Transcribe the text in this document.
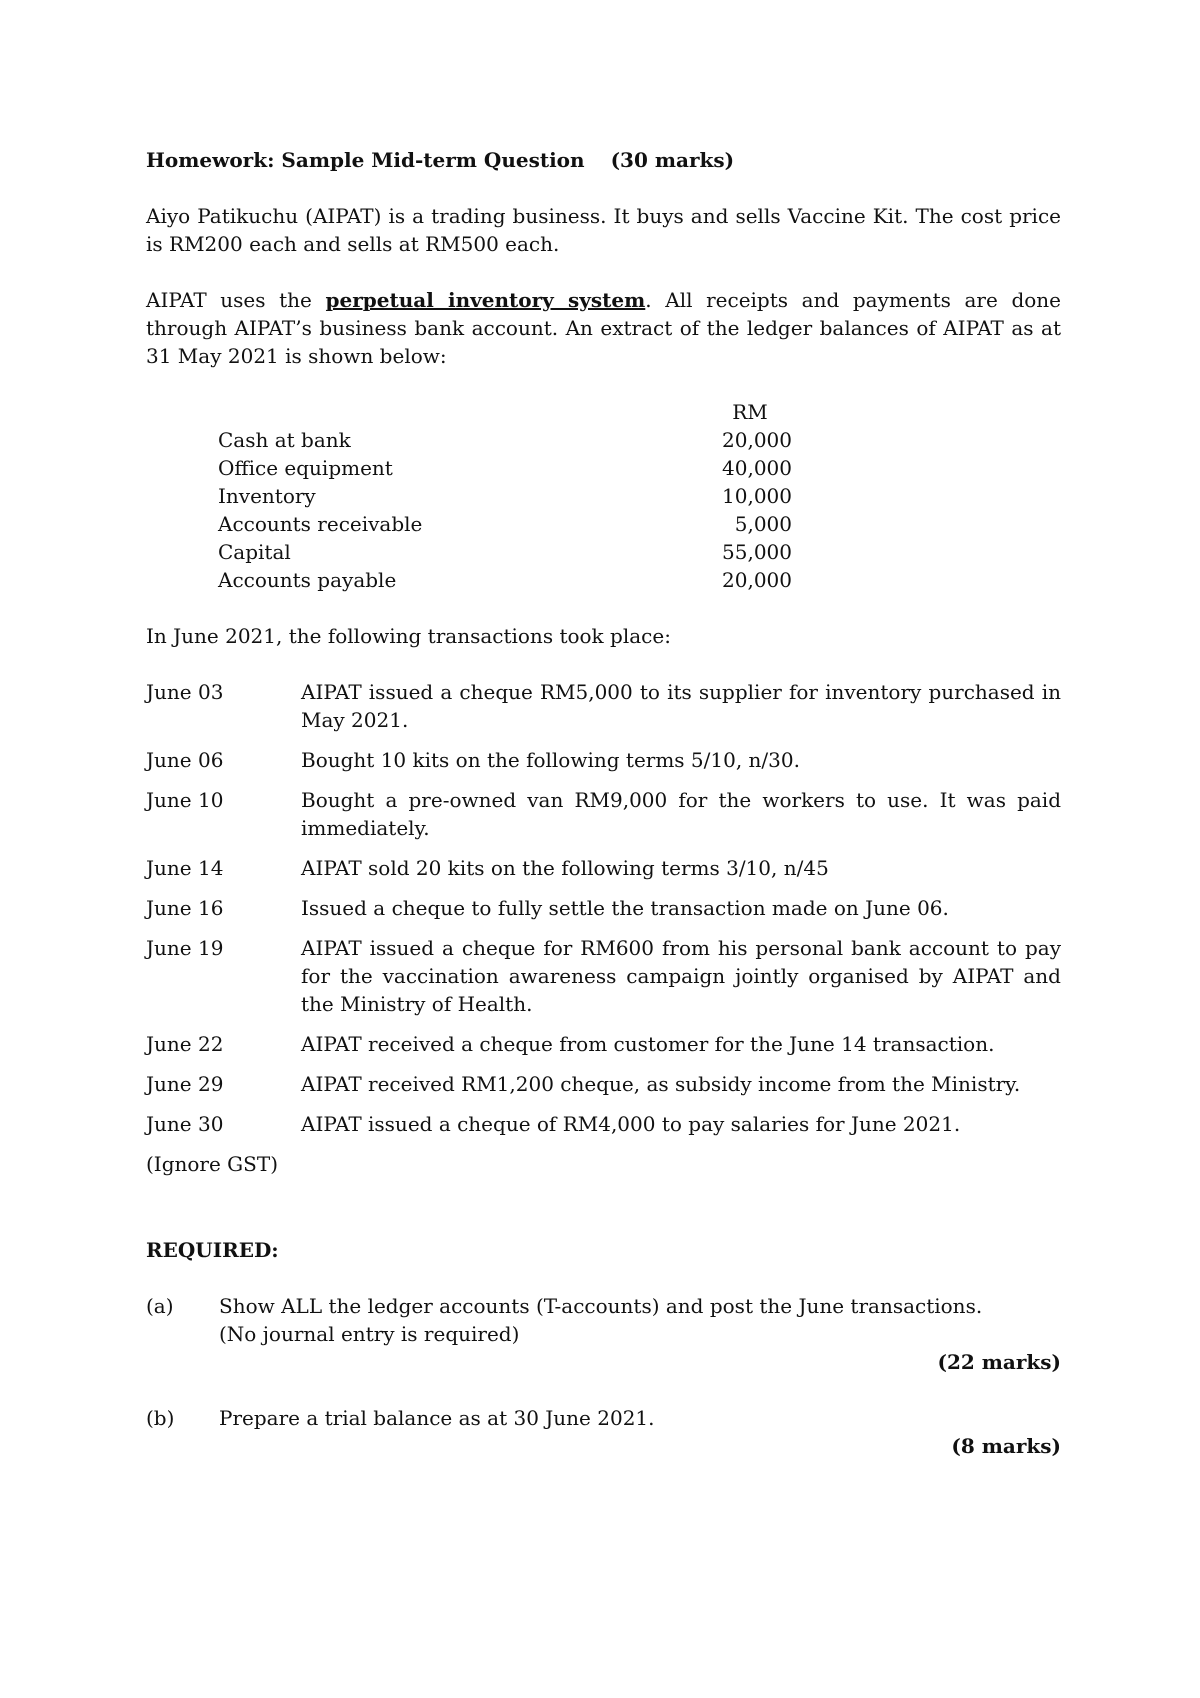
Homework: Sample Mid-term Question (30 marks)

Aiyo Patikuchu (AIPAT) is a trading business. It buys and sells Vaccine Kit. The cost price is RM200 each and sells at RM500 each.

AIPAT uses the perpetual inventory system. All receipts and payments are done through AIPAT’s business bank account. An extract of the ledger balances of AIPAT as at 31 May 2021 is shown below:

RM
Cash at bank	20,000
Office equipment	40,000
Inventory	10,000
Accounts receivable	5,000
Capital	55,000
Accounts payable	20,000
In June 2021, the following transactions took place:
June 03	AIPAT issued a cheque RM5,000 to its supplier for inventory purchased in May 2021.
June 06	Bought 10 kits on the following terms 5/10, n/30.
June 10	Bought a pre-owned van RM9,000 for the workers to use. It was paid immediately.
June 14	AIPAT sold 20 kits on the following terms 3/10, n/45
June 16	Issued a cheque to fully settle the transaction made on June 06.
June 19	AIPAT issued a cheque for RM600 from his personal bank account to pay for the vaccination awareness campaign jointly organised by AIPAT and the Ministry of Health.
June 22	AIPAT received a cheque from customer for the June 14 transaction.
June 29	AIPAT received RM1,200 cheque, as subsidy income from the Ministry.
June 30	AIPAT issued a cheque of RM4,000 to pay salaries for June 2021.
(Ignore GST)
REQUIRED:
(a)	Show ALL the ledger accounts (T-accounts) and post the June transactions.
(No journal entry is required)
(22 marks)
(b)	Prepare a trial balance as at 30 June 2021.
(8 marks)
